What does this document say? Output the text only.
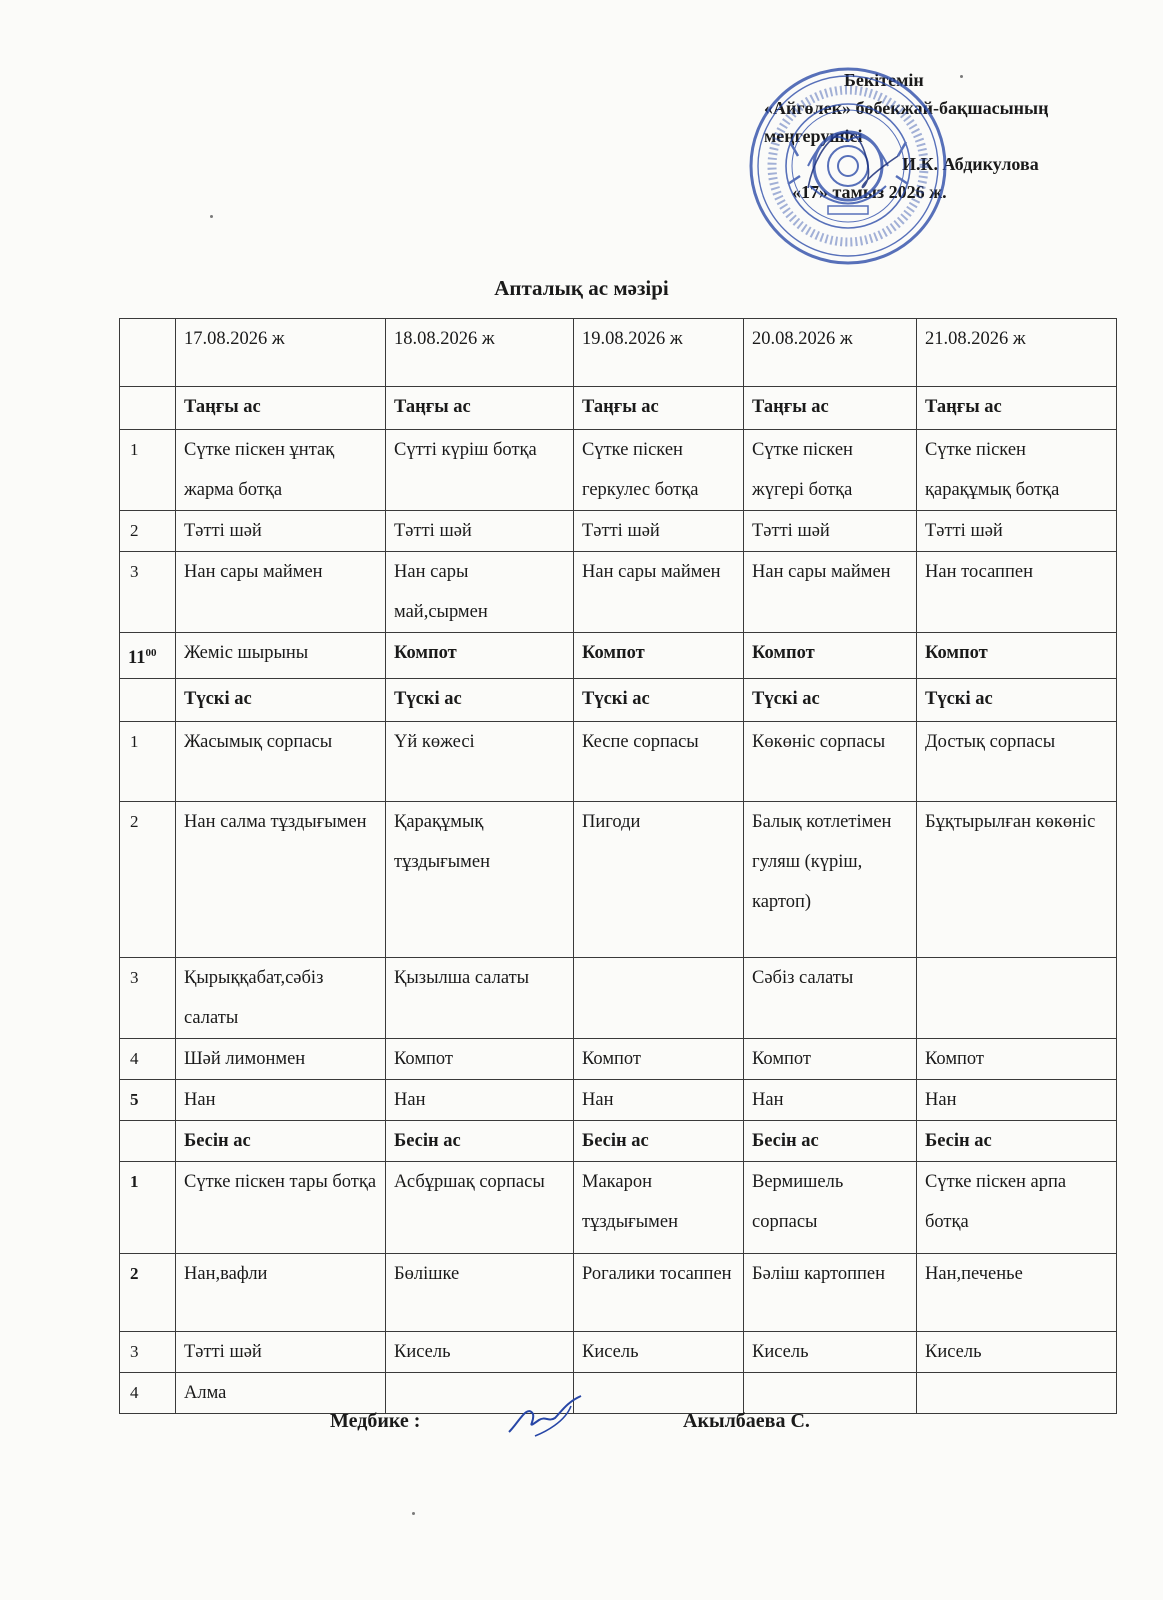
Бекітемін
«Айгөлек» бөбекжай-бақшасының
меңгерушісі
И.К. Абдикулова
«17» тамыз 2026 ж.
Апталық ас мәзірі
	17.08.2026 ж	18.08.2026 ж	19.08.2026 ж	20.08.2026 ж	21.08.2026 ж
	Таңғы ас	Таңғы ас	Таңғы ас	Таңғы ас	Таңғы ас
1	Сүтке піскен ұнтақ жарма ботқа	Сүтті күріш ботқа	Сүтке піскен геркулес ботқа	Сүтке піскен жүгері ботқа	Сүтке піскен қарақұмық ботқа
2	Тәтті шәй	Тәтті шәй	Тәтті шәй	Тәтті шәй	Тәтті шәй
3	Нан сары маймен	Нан сары май,сырмен	Нан сары маймен	Нан сары маймен	Нан тосаппен
$11^{00}$	Жеміс шырыны	Компот	Компот	Компот	Компот
	Түскі ас	Түскі ас	Түскі ас	Түскі ас	Түскі ас
1	Жасымық сорпасы	Үй көжесі	Кеспе сорпасы	Көкөніс сорпасы	Достық сорпасы
2	Нан салма тұздығымен	Қарақұмық тұздығымен	Пигоди	Балық котлетімен гуляш (күріш, картоп)	Бұқтырылған көкөніс
3	Қырыққабат,сәбіз салаты	Қызылша салаты		Сәбіз салаты	
4	Шәй лимонмен	Компот	Компот	Компот	Компот
5	Нан	Нан	Нан	Нан	Нан
	Бесін ас	Бесін ас	Бесін ас	Бесін ас	Бесін ас
1	Сүтке піскен тары ботқа	Асбұршақ сорпасы	Макарон тұздығымен	Вермишель сорпасы	Сүтке піскен арпа ботқа
2	Нан,вафли	Бөлішке	Рогалики тосаппен	Бәліш картоппен	Нан,печенье
3	Тәтті шәй	Кисель	Кисель	Кисель	Кисель
4	Алма				
Медбике :	Акылбаева С.
